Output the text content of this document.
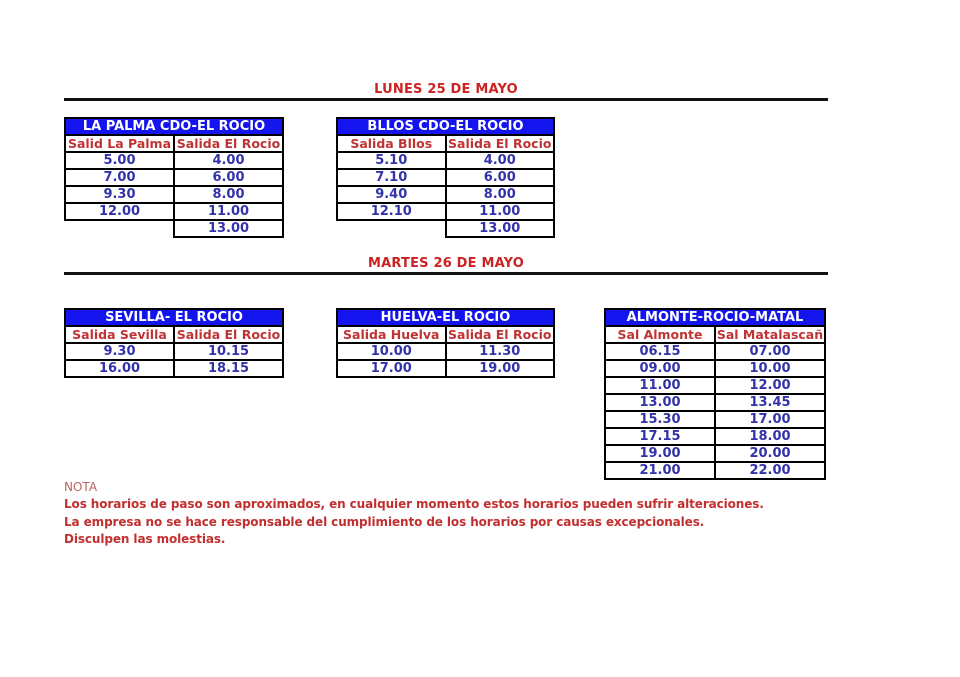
LUNES 25 DE MAYO
LA PALMA CDO-EL ROCIO	
Salid La Palma	Salida El Rocio
5.00	4.00
7.00	6.00
9.30	8.00
12.00	11.00
	13.00
BLLOS CDO-EL ROCIO	
Salida Bllos	Salida El Rocio
5.10	4.00
7.10	6.00
9.40	8.00
12.10	11.00
	13.00
MARTES 26 DE MAYO
SEVILLA- EL ROCIO	
Salida Sevilla	Salida El Rocio
9.30	10.15
16.00	18.15
HUELVA-EL ROCIO	
Salida Huelva	Salida El Rocio
10.00	11.30
17.00	19.00
ALMONTE-ROCIO-MATAL	
Sal Almonte	Sal Matalascañ
06.15	07.00
09.00	10.00
11.00	12.00
13.00	13.45
15.30	17.00
17.15	18.00
19.00	20.00
21.00	22.00
NOTA
Los horarios de paso son aproximados, en cualquier momento estos horarios pueden sufrir alteraciones.
La empresa no se hace responsable del cumplimiento de los horarios por causas excepcionales.
Disculpen las molestias.
